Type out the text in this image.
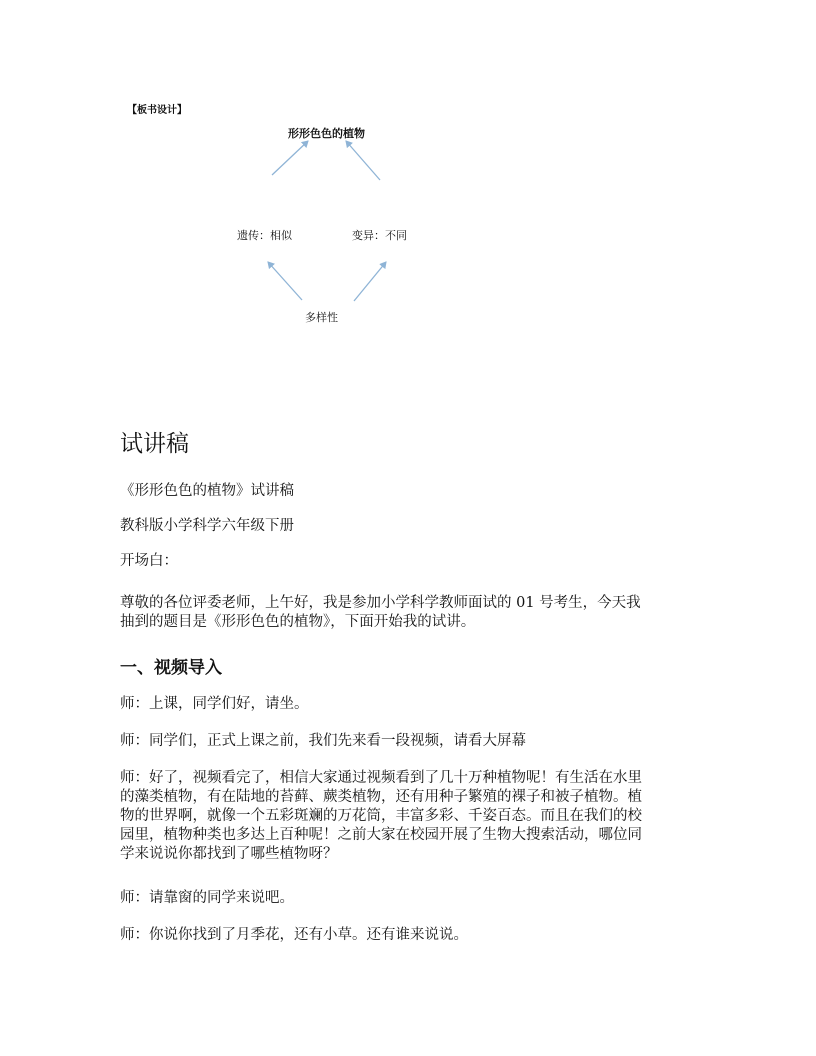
【板书设计】
形形色色的植物
遗传：相似	变异：不同
多样性
试讲稿

《形形色色的植物》试讲稿

教科版小学科学六年级下册

开场白：

尊敬的各位评委老师，上午好，我是参加小学科学教师面试的 01 号考生，今天我
抽到的题目是《形形色色的植物》，下面开始我的试讲。
一、视频导入

师：上课，同学们好，请坐。

师：同学们，正式上课之前，我们先来看一段视频，请看大屏幕

师：好了，视频看完了，相信大家通过视频看到了几十万种植物呢！有生活在水里
的藻类植物，有在陆地的苔藓、蕨类植物，还有用种子繁殖的裸子和被子植物。植
物的世界啊，就像一个五彩斑斓的万花筒，丰富多彩、千姿百态。而且在我们的校
园里，植物种类也多达上百种呢！之前大家在校园开展了生物大搜索活动，哪位同
学来说说你都找到了哪些植物呀？

师：请靠窗的同学来说吧。

师：你说你找到了月季花，还有小草。还有谁来说说。
